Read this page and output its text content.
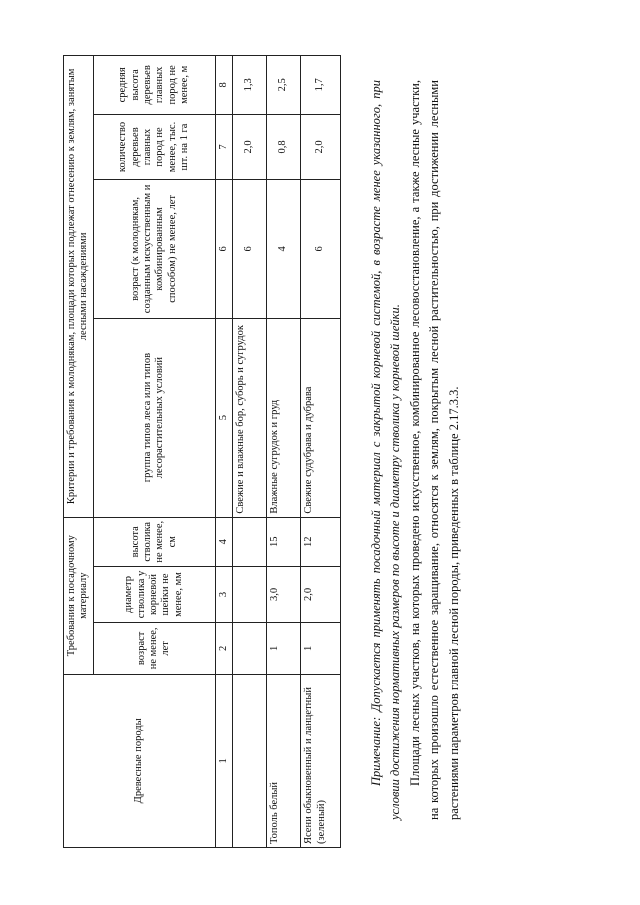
Древесные породы	Требования к посадочному материалу			Критерии и требования к молоднякам, площади которых подлежат отнесению к землям, занятым лесными насаждениями			
	возраст не менее, лет	диаметр стволика у корневой шейки не менее, мм	высота стволика не менее, см	группа типов леса или типов лесорастительных условий	возраст (к молоднякам, созданным искусственным и комбинированным способом) не менее, лет	количество деревьев главных пород не менее, тыс. шт. на 1 га	средняя высота деревьев главных пород не менее, м
1	2	3	4	5	6	7	8
				Свежие и влажные бор, суборь и сугрудок	6	2,0	1,3
Тополь белый	1	3,0	15	Влажные сугрудок и груд	4	0,8	2,5
Ясени обыкновенный и ланцетный (зеленый)	1	2,0	12	Свежие судубрава и дубрава	6	2,0	1,7	Примечание: Допускается применять посадочный материал с закрытой корневой системой, в возрасте менее указанного, при условии достижения нормативных размеров по высоте и диаметру стволика у корневой шейки. Площади лесных участков, на которых проведено искусственное, комбинированное лесовосстановление, а также лесные участки, на которых произошло естественное заращивание, относятся к землям, покрытым лесной растительностью, при достижении лесными растениями параметров главной лесной породы, приведенных в таблице 2.17.3.3.
